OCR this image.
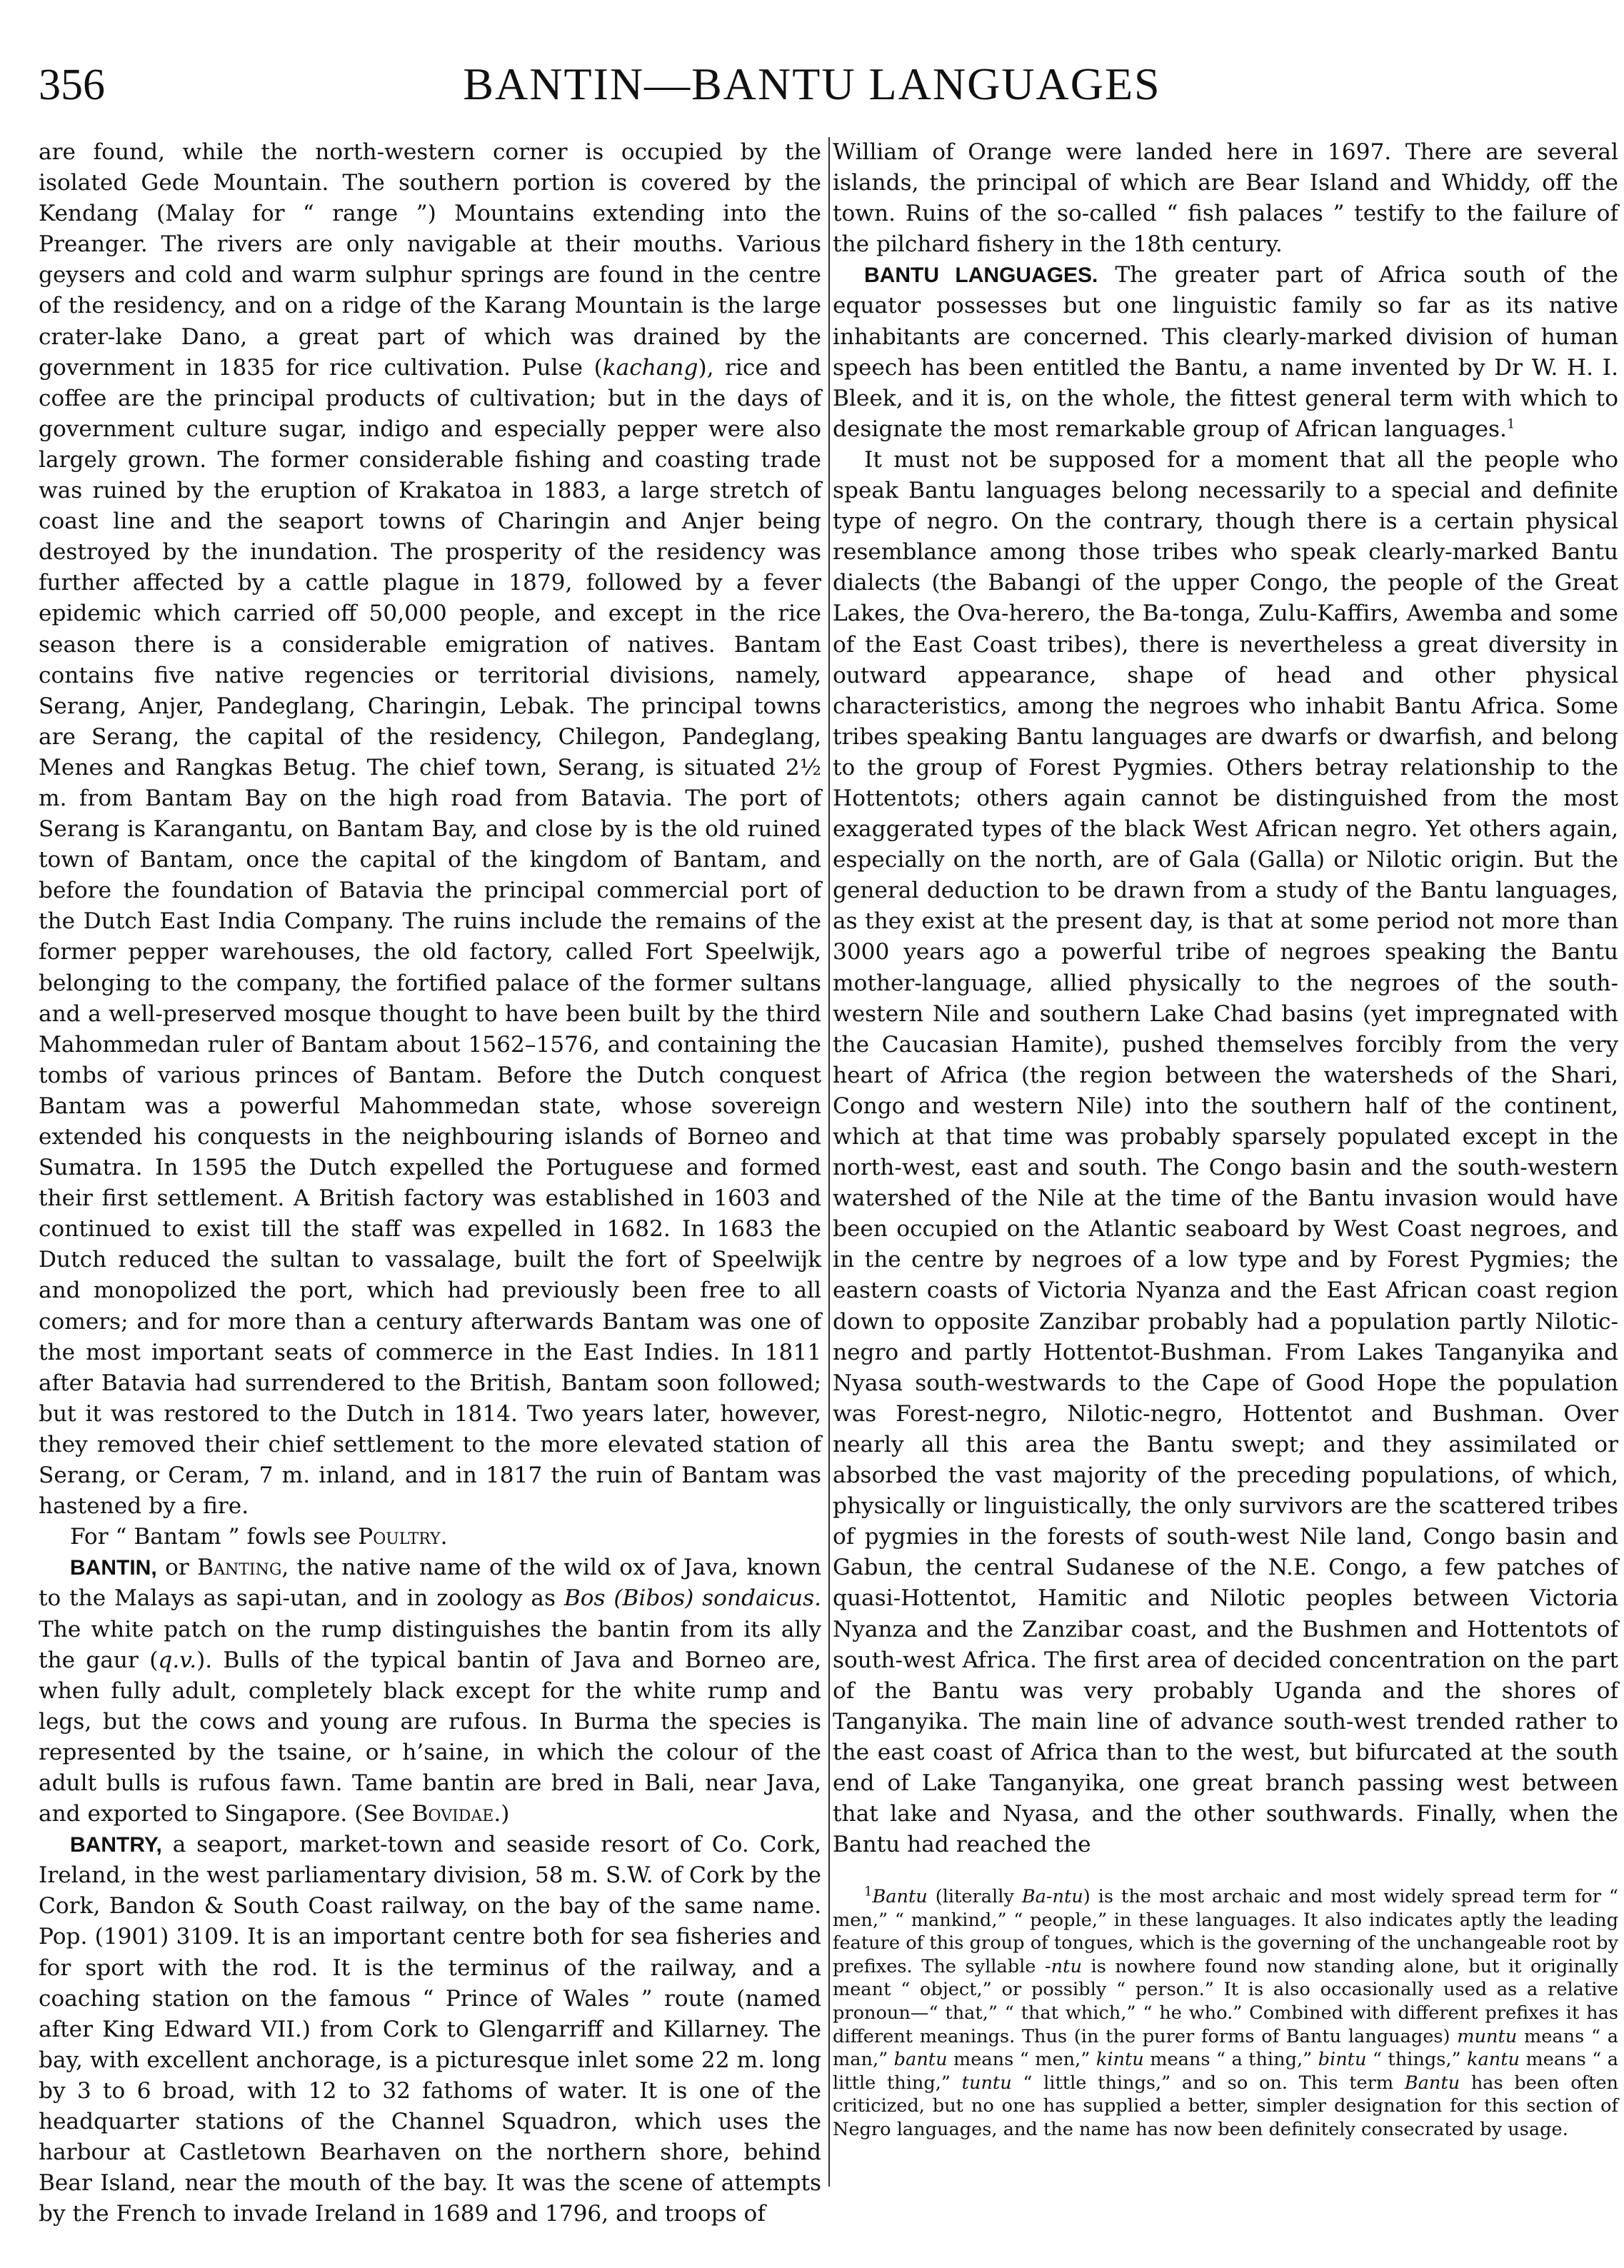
356	BANTIN—BANTU LANGUAGES

are found, while the north-western corner is occupied by the isolated Gede Mountain. The southern portion is covered by the Kendang (Malay for “ range ”) Mountains extending into the Preanger. The rivers are only navigable at their mouths. Various geysers and cold and warm sulphur springs are found in the centre of the residency, and on a ridge of the Karang Mountain is the large crater-lake Dano, a great part of which was drained by the government in 1835 for rice cultivation. Pulse (kachang), rice and coffee are the principal products of cultivation; but in the days of government culture sugar, indigo and especially pepper were also largely grown. The former considerable fishing and coasting trade was ruined by the eruption of Krakatoa in 1883, a large stretch of coast line and the seaport towns of Charingin and Anjer being destroyed by the inundation. The prosperity of the residency was further affected by a cattle plague in 1879, followed by a fever epidemic which carried off 50,000 people, and except in the rice season there is a considerable emigration of natives. Bantam contains five native regencies or territorial divisions, namely, Serang, Anjer, Pandeglang, Charingin, Lebak. The principal towns are Serang, the capital of the residency, Chilegon, Pandeglang, Menes and Rangkas Betug. The chief town, Serang, is situated 2½ m. from Bantam Bay on the high road from Batavia. The port of Serang is Karangantu, on Bantam Bay, and close by is the old ruined town of Bantam, once the capital of the kingdom of Bantam, and before the foundation of Batavia the principal commercial port of the Dutch East India Company. The ruins include the remains of the former pepper warehouses, the old factory, called Fort Speelwijk, belonging to the company, the fortified palace of the former sultans and a well-preserved mosque thought to have been built by the third Mahommedan ruler of Bantam about 1562–1576, and containing the tombs of various princes of Bantam. Before the Dutch conquest Bantam was a powerful Mahommedan state, whose sovereign extended his conquests in the neighbouring islands of Borneo and Sumatra. In 1595 the Dutch expelled the Portuguese and formed their first settlement. A British factory was established in 1603 and continued to exist till the staff was expelled in 1682. In 1683 the Dutch reduced the sultan to vassalage, built the fort of Speelwijk and monopolized the port, which had previously been free to all comers; and for more than a century afterwards Bantam was one of the most important seats of commerce in the East Indies. In 1811 after Batavia had surrendered to the British, Bantam soon followed; but it was restored to the Dutch in 1814. Two years later, however, they removed their chief settlement to the more elevated station of Serang, or Ceram, 7 m. inland, and in 1817 the ruin of Bantam was hastened by a fire.

For “ Bantam ” fowls see Poultry.

BANTIN, or Banting, the native name of the wild ox of Java, known to the Malays as sapi-utan, and in zoology as Bos (Bibos) sondaicus. The white patch on the rump distinguishes the bantin from its ally the gaur (q.v.). Bulls of the typical bantin of Java and Borneo are, when fully adult, completely black except for the white rump and legs, but the cows and young are rufous. In Burma the species is represented by the tsaine, or h’saine, in which the colour of the adult bulls is rufous fawn. Tame bantin are bred in Bali, near Java, and exported to Singapore. (See Bovidae.)

BANTRY, a seaport, market-town and seaside resort of Co. Cork, Ireland, in the west parliamentary division, 58 m. S.W. of Cork by the Cork, Bandon & South Coast railway, on the bay of the same name. Pop. (1901) 3109. It is an important centre both for sea fisheries and for sport with the rod. It is the terminus of the railway, and a coaching station on the famous “ Prince of Wales ” route (named after King Edward VII.) from Cork to Glengarriff and Killarney. The bay, with excellent anchorage, is a picturesque inlet some 22 m. long by 3 to 6 broad, with 12 to 32 fathoms of water. It is one of the headquarter stations of the Channel Squadron, which uses the harbour at Castletown Bearhaven on the northern shore, behind Bear Island, near the mouth of the bay. It was the scene of attempts by the French to invade Ireland in 1689 and 1796, and troops of

William of Orange were landed here in 1697. There are several islands, the principal of which are Bear Island and Whiddy, off the town. Ruins of the so-called “ fish palaces ” testify to the failure of the pilchard fishery in the 18th century.

BANTU LANGUAGES. The greater part of Africa south of the equator possesses but one linguistic family so far as its native inhabitants are concerned. This clearly-marked division of human speech has been entitled the Bantu, a name invented by Dr W. H. I. Bleek, and it is, on the whole, the fittest general term with which to designate the most remarkable group of African languages.$^1$

It must not be supposed for a moment that all the people who speak Bantu languages belong necessarily to a special and definite type of negro. On the contrary, though there is a certain physical resemblance among those tribes who speak clearly-marked Bantu dialects (the Babangi of the upper Congo, the people of the Great Lakes, the Ova-herero, the Ba-tonga, Zulu-Kaffirs, Awemba and some of the East Coast tribes), there is nevertheless a great diversity in outward appearance, shape of head and other physical characteristics, among the negroes who inhabit Bantu Africa. Some tribes speaking Bantu languages are dwarfs or dwarfish, and belong to the group of Forest Pygmies. Others betray relationship to the Hottentots; others again cannot be distinguished from the most exaggerated types of the black West African negro. Yet others again, especially on the north, are of Gala (Galla) or Nilotic origin. But the general deduction to be drawn from a study of the Bantu languages, as they exist at the present day, is that at some period not more than 3000 years ago a powerful tribe of negroes speaking the Bantu mother-language, allied physically to the negroes of the south-western Nile and southern Lake Chad basins (yet impregnated with the Caucasian Hamite), pushed themselves forcibly from the very heart of Africa (the region between the watersheds of the Shari, Congo and western Nile) into the southern half of the continent, which at that time was probably sparsely populated except in the north-west, east and south. The Congo basin and the south-western watershed of the Nile at the time of the Bantu invasion would have been occupied on the Atlantic seaboard by West Coast negroes, and in the centre by negroes of a low type and by Forest Pygmies; the eastern coasts of Victoria Nyanza and the East African coast region down to opposite Zanzibar probably had a population partly Nilotic-negro and partly Hottentot-Bushman. From Lakes Tanganyika and Nyasa south-westwards to the Cape of Good Hope the population was Forest-negro, Nilotic-negro, Hottentot and Bushman. Over nearly all this area the Bantu swept; and they assimilated or absorbed the vast majority of the preceding populations, of which, physically or linguistically, the only survivors are the scattered tribes of pygmies in the forests of south-west Nile land, Congo basin and Gabun, the central Sudanese of the N.E. Congo, a few patches of quasi-Hottentot, Hamitic and Nilotic peoples between Victoria Nyanza and the Zanzibar coast, and the Bushmen and Hottentots of south-west Africa. The first area of decided concentration on the part of the Bantu was very probably Uganda and the shores of Tanganyika. The main line of advance south-west trended rather to the east coast of Africa than to the west, but bifurcated at the south end of Lake Tanganyika, one great branch passing west between that lake and Nyasa, and the other southwards. Finally, when the Bantu had reached the

$^1$Bantu (literally Ba-ntu) is the most archaic and most widely spread term for “ men,” “ mankind,” “ people,” in these languages. It also indicates aptly the leading feature of this group of tongues, which is the governing of the unchangeable root by prefixes. The syllable -ntu is nowhere found now standing alone, but it originally meant “ object,” or possibly “ person.” It is also occasionally used as a relative pronoun—“ that,” “ that which,” “ he who.” Combined with different prefixes it has different meanings. Thus (in the purer forms of Bantu languages) muntu means “ a man,” bantu means “ men,” kintu means “ a thing,” bintu “ things,” kantu means “ a little thing,” tuntu “ little things,” and so on. This term Bantu has been often criticized, but no one has supplied a better, simpler designation for this section of Negro languages, and the name has now been definitely consecrated by usage.
